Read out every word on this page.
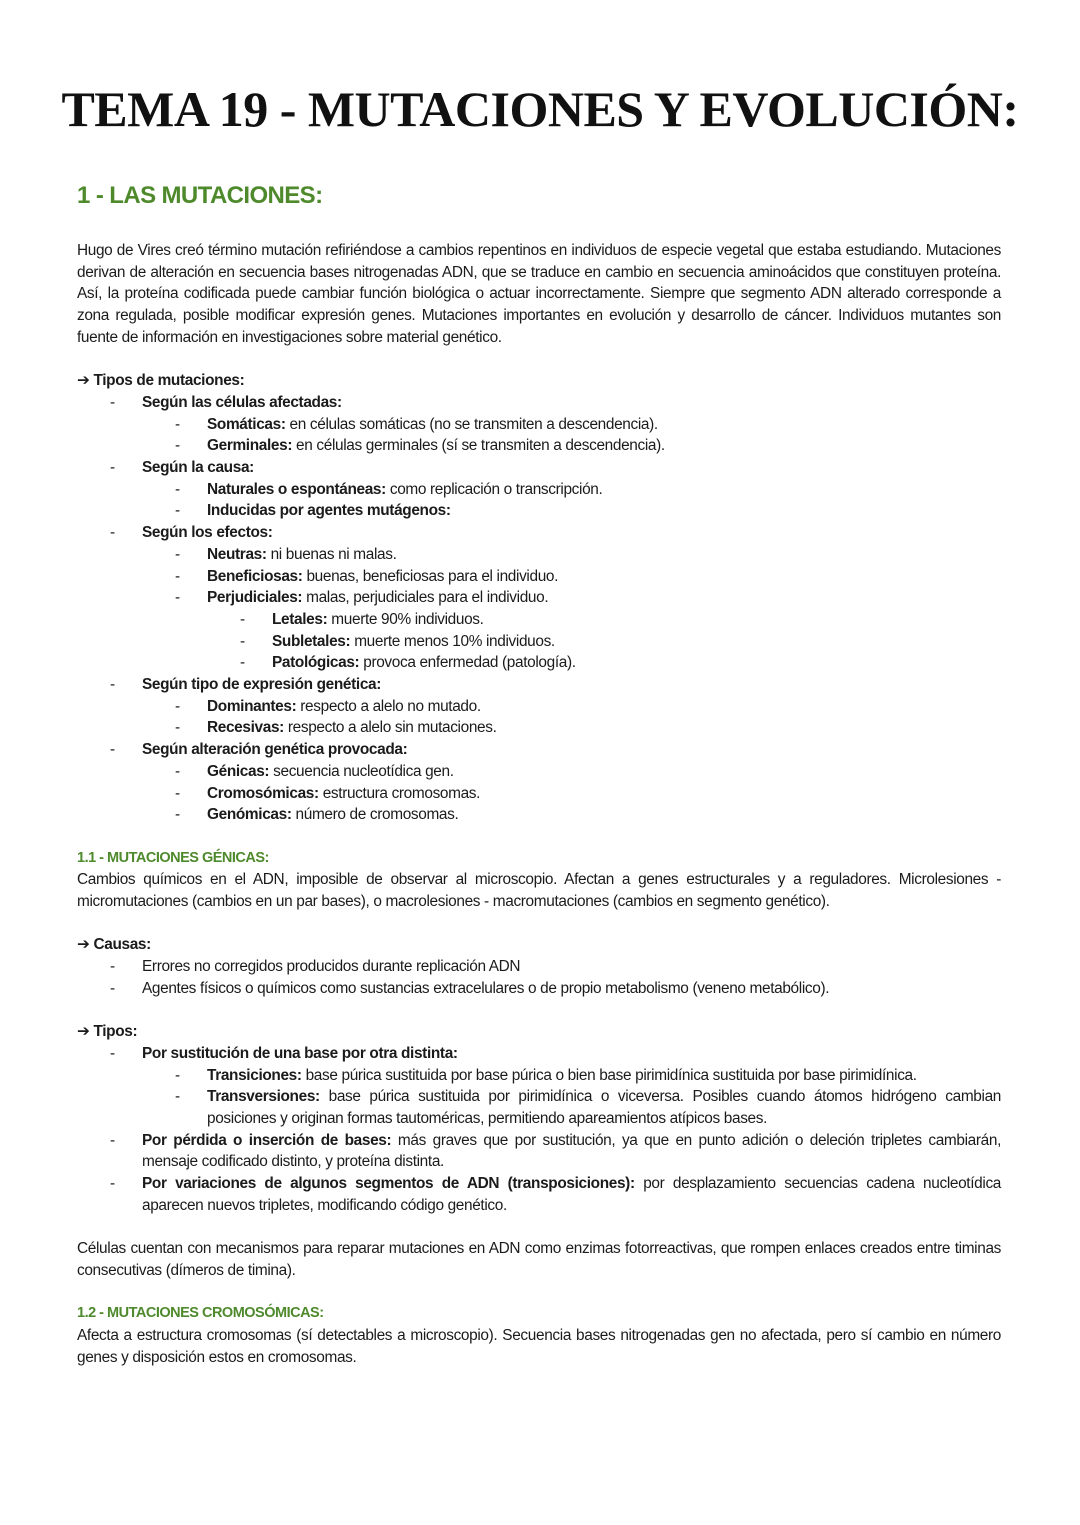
TEMA 19 - MUTACIONES Y EVOLUCIÓN:
1 - LAS MUTACIONES:

Hugo de Vires creó término mutación refiriéndose a cambios repentinos en individuos de especie vegetal que estaba estudiando. Mutaciones derivan de alteración en secuencia bases nitrogenadas ADN, que se traduce en cambio en secuencia aminoácidos que constituyen proteína. Así, la proteína codificada puede cambiar función biológica o actuar incorrectamente. Siempre que segmento ADN alterado corresponde a zona regulada, posible modificar expresión genes. Mutaciones importantes en evolución y desarrollo de cáncer. Individuos mutantes son fuente de información en investigaciones sobre material genético.

➔ Tipos de mutaciones:
- Según las células afectadas:
- Somáticas: en células somáticas (no se transmiten a descendencia).
- Germinales: en células germinales (sí se transmiten a descendencia).
- Según la causa:
- Naturales o espontáneas: como replicación o transcripción.
- Inducidas por agentes mutágenos:
- Según los efectos:
- Neutras: ni buenas ni malas.
- Beneficiosas: buenas, beneficiosas para el individuo.
- Perjudiciales: malas, perjudiciales para el individuo.
- Letales: muerte 90% individuos.
- Subletales: muerte menos 10% individuos.
- Patológicas: provoca enfermedad (patología).
- Según tipo de expresión genética:
- Dominantes: respecto a alelo no mutado.
- Recesivas: respecto a alelo sin mutaciones.
- Según alteración genética provocada:
- Génicas: secuencia nucleotídica gen.
- Cromosómicas: estructura cromosomas.
- Genómicas: número de cromosomas.
1.1 - MUTACIONES GÉNICAS:

Cambios químicos en el ADN, imposible de observar al microscopio. Afectan a genes estructurales y a reguladores. Microlesiones - micromutaciones (cambios en un par bases), o macrolesiones - macromutaciones (cambios en segmento genético).

➔ Causas:
- Errores no corregidos producidos durante replicación ADN
- Agentes físicos o químicos como sustancias extracelulares o de propio metabolismo (veneno metabólico).
➔ Tipos:
- Por sustitución de una base por otra distinta:
- Transiciones: base púrica sustituida por base púrica o bien base pirimidínica sustituida por base pirimidínica.
- Transversiones: base púrica sustituida por pirimidínica o viceversa. Posibles cuando átomos hidrógeno cambian posiciones y originan formas tautoméricas, permitiendo apareamientos atípicos bases.
- Por pérdida o inserción de bases: más graves que por sustitución, ya que en punto adición o deleción tripletes cambiarán, mensaje codificado distinto, y proteína distinta.
- Por variaciones de algunos segmentos de ADN (transposiciones): por desplazamiento secuencias cadena nucleotídica aparecen nuevos tripletes, modificando código genético.

Células cuentan con mecanismos para reparar mutaciones en ADN como enzimas fotorreactivas, que rompen enlaces creados entre timinas consecutivas (dímeros de timina).

1.2 - MUTACIONES CROMOSÓMICAS:

Afecta a estructura cromosomas (sí detectables a microscopio). Secuencia bases nitrogenadas gen no afectada, pero sí cambio en número genes y disposición estos en cromosomas.
